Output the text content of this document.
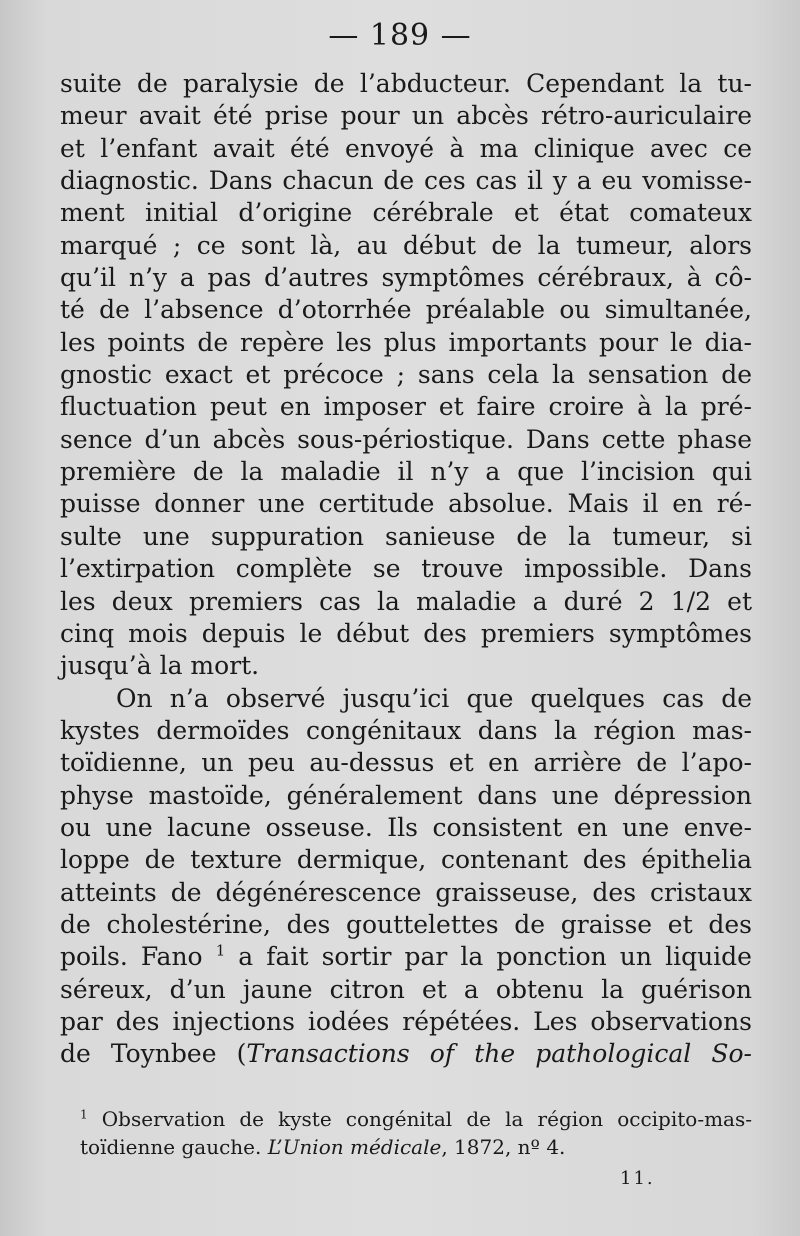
— 189 —
suite de paralysie de l’abducteur. Cependant la tu-
meur avait été prise pour un abcès rétro-auriculaire
et l’enfant avait été envoyé à ma clinique avec ce
diagnostic. Dans chacun de ces cas il y a eu vomisse-
ment initial d’origine cérébrale et état comateux
marqué ; ce sont là, au début de la tumeur, alors
qu’il n’y a pas d’autres symptômes cérébraux, à cô-
té de l’absence d’otorrhée préalable ou simultanée,
les points de repère les plus importants pour le dia-
gnostic exact et précoce ; sans cela la sensation de
fluctuation peut en imposer et faire croire à la pré-
sence d’un abcès sous-périostique. Dans cette phase
première de la maladie il n’y a que l’incision qui
puisse donner une certitude absolue. Mais il en ré-
sulte une suppuration sanieuse de la tumeur, si
l’extirpation complète se trouve impossible. Dans
les deux premiers cas la maladie a duré 2 1/2 et
cinq mois depuis le début des premiers symptômes
jusqu’à la mort.
On n’a observé jusqu’ici que quelques cas de
kystes dermoïdes congénitaux dans la région mas-
toïdienne, un peu au-dessus et en arrière de l’apo-
physe mastoïde, généralement dans une dépression
ou une lacune osseuse. Ils consistent en une enve-
loppe de texture dermique, contenant des épithelia
atteints de dégénérescence graisseuse, des cristaux
de cholestérine, des gouttelettes de graisse et des
poils. Fano $^1$ a fait sortir par la ponction un liquide
séreux, d’un jaune citron et a obtenu la guérison
par des injections iodées répétées. Les observations
de Toynbee (Transactions of the pathological So-
$^1$ Observation de kyste congénital de la région occipito-mas-
toïdienne gauche. L’Union médicale, 1872, nº 4.
11.
